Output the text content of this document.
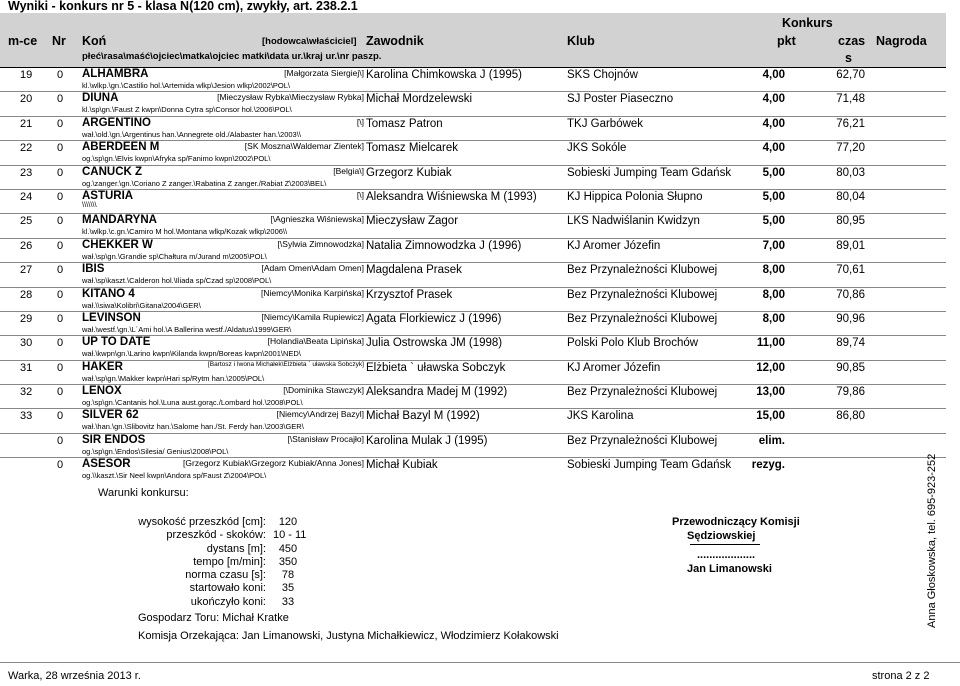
Wyniki - konkurs nr 5 - klasa N(120 cm), zwykły, art. 238.2.1
Konkurs
m-ce Nr Koń	[hodowca\właściciel] Zawodnik	Klub	pkt	czas Nagroda
płeć\rasa\maść\ojciec\matka\ojciec matki\data ur.\kraj ur.\nr paszp.	s
19 0 ALHAMBRA	[Małgorzata Siergiej\] Karolina Chimkowska J (1995)	SKS Chojnów	4,00	62,70
kl.\wlkp.\gn.\Castilio hol.\Artemida wlkp\Jesion wlkp\2002\POL\
20 0 DIUNA	[Mieczysław Rybka\Mieczysław Rybka] Michał Mordzelewski	SJ Poster Piaseczno	4,00	71,48
kl.\sp\gn.\Faust Z kwpn\Donna Cytra sp\Consor hol.\2006\POL\
21 0 ARGENTINO	[\] Tomasz Patron	TKJ Garbówek	4,00	76,21
wał.\old.\gn.\Argentinus han.\Annegrete old./Alabaster han.\2003\\
22 0 ABERDEEN M	[SK Moszna\Waldemar Zientek] Tomasz Mielcarek	JKS Sokóle	4,00	77,20
og.\sp\gn.\Elvis kwpn\Afryka sp/Fanimo kwpn\2002\POL\
23 0 CANUCK Z	[Belgia\] Grzegorz Kubiak	Sobieski Jumping Team Gdańsk	5,00	80,03
og.\zanger.\gn.\Coriano Z zanger.\Rabatina Z zanger./Rabiat Z\2003\BEL\
24 0 ASTURIA	[\] Aleksandra Wiśniewska M (1993)	KJ Hippica Polonia Słupno	5,00	80,04
\\\\\\\
25 0 MANDARYNA	[\Agnieszka Wiśniewska] Mieczysław Zagor	LKS Nadwiślanin Kwidzyn	5,00	80,95
kl.\wlkp.\c.gn.\Camiro M hol.\Montana wlkp/Kozak wlkp\2006\\
26 0 CHEKKER W	[\Sylwia Zimnowodzka] Natalia Zimnowodzka J (1996)	KJ Aromer Józefin	7,00	89,01
wał.\sp\gn.\Grandie sp\Chałtura m/Jurand m\2005\POL\
27 0 IBIS	[Adam Omen\Adam Omen] Magdalena Prasek	Bez Przynależności Klubowej	8,00	70,61
wał.\sp\kaszt.\Calderon hol.\Iliada sp/Czad sp\2008\POL\
28 0 KITANO 4	[Niemcy\Monika Karpińska] Krzysztof Prasek	Bez Przynależności Klubowej	8,00	70,86
wał.\\siwa\Kolibri\Gitana\2004\GER\
29 0 LEVINSON	[Niemcy\Kamila Rupiewicz] Agata Florkiewicz J (1996)	Bez Przynależności Klubowej	8,00	90,96
wał.\westf.\gn.\L´Ami hol.\A Ballerina westf./Aldatus\1999\GER\
30 0 UP TO DATE	[Holandia\Beata Lipińska] Julia Ostrowska JM (1998)	Polski Polo Klub Brochów	11,00	89,74
wał.\kwpn\gn.\Larino kwpn\Kilanda kwpn/Boreas kwpn\2001\NED\
31 0 HAKER	[Bartosz i Iwona Michałek\Elżbieta ` uławska Sobczyk] Elżbieta ` uławska Sobczyk	KJ Aromer Józefin	12,00	90,85
wał.\sp\gn.\Makker kwpn\Hari sp/Rytm han.\2005\POL\
32 0 LENOX	[\Dominika Stawczyk] Aleksandra Madej M (1992)	Bez Przynależności Klubowej	13,00	79,86
og.\sp\gn.\Cantanis hol.\Luna aust.gorąc./Lombard hol.\2008\POL\
33 0 SILVER 62	[Niemcy\Andrzej Bazyl] Michał Bazyl M (1992)	JKS Karolina	15,00	86,80
wał.\han.\gn.\Slibovitz han.\Salome han./St. Ferdy han.\2003\GER\
0 SIR ENDOS	[\Stanisław Procajło] Karolina Mulak J (1995)	Bez Przynależności Klubowej	elim.
og.\sp\gn.\Endos\Silesia/ Genius\2008\POL\
0 ASESOR	[Grzegorz Kubiak\Grzegorz Kubiak/Anna Jones] Michał Kubiak	Sobieski Jumping Team Gdańsk rezyg.
og.\\kaszt.\Sir Neel kwpn\Andora sp/Faust Z\2004\POL\	Anna Głoskowska, tel. 695-923-252
Warunki konkursu:
wysokość przeszkód [cm]:	120
przeszkód - skoków: 10 - 11
dystans [m]:	450
tempo [m/min]:	350
norma czasu [s]:	78
startowało koni:	35
ukończyło koni:	33
Przewodniczący Komisji
Sędziowskiej
...................
Jan Limanowski
Gospodarz Toru: Michał Kratke
Komisja Orzekająca: Jan Limanowski, Justyna Michałkiewicz, Włodzimierz Kołakowski
Warka, 28 września 2013 r.	strona 2 z 2
